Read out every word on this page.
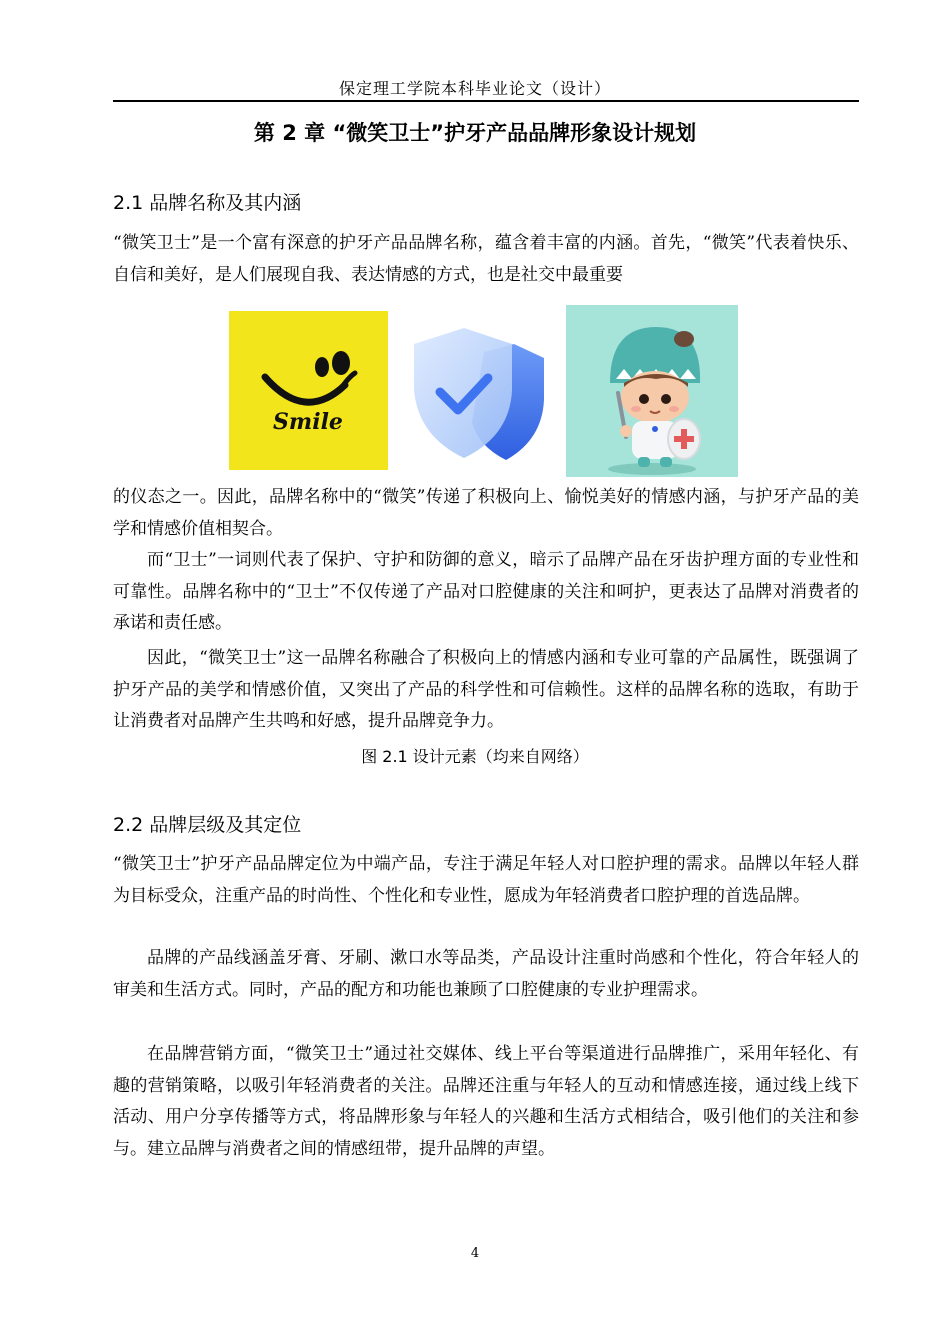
保定理工学院本科毕业论文（设计）
第 2 章 “微笑卫士”护牙产品品牌形象设计规划
2.1 品牌名称及其内涵

“微笑卫士”是一个富有深意的护牙产品品牌名称，蕴含着丰富的内涵。首先，“微笑”代表着快乐、自信和美好，是人们展现自我、表达情感的方式，也是社交中最重要

Smile

的仪态之一。因此，品牌名称中的“微笑”传递了积极向上、愉悦美好的情感内涵，与护牙产品的美学和情感价值相契合。

而“卫士”一词则代表了保护、守护和防御的意义，暗示了品牌产品在牙齿护理方面的专业性和可靠性。品牌名称中的“卫士”不仅传递了产品对口腔健康的关注和呵护，更表达了品牌对消费者的承诺和责任感。

因此，“微笑卫士”这一品牌名称融合了积极向上的情感内涵和专业可靠的产品属性，既强调了护牙产品的美学和情感价值，又突出了产品的科学性和可信赖性。这样的品牌名称的选取，有助于让消费者对品牌产生共鸣和好感，提升品牌竞争力。

图 2.1 设计元素（均来自网络）
2.2 品牌层级及其定位

“微笑卫士”护牙产品品牌定位为中端产品，专注于满足年轻人对口腔护理的需求。品牌以年轻人群为目标受众，注重产品的时尚性、个性化和专业性，愿成为年轻消费者口腔护理的首选品牌。

品牌的产品线涵盖牙膏、牙刷、漱口水等品类，产品设计注重时尚感和个性化，符合年轻人的审美和生活方式。同时，产品的配方和功能也兼顾了口腔健康的专业护理需求。

在品牌营销方面，“微笑卫士”通过社交媒体、线上平台等渠道进行品牌推广，采用年轻化、有趣的营销策略，以吸引年轻消费者的关注。品牌还注重与年轻人的互动和情感连接，通过线上线下活动、用户分享传播等方式，将品牌形象与年轻人的兴趣和生活方式相结合，吸引他们的关注和参与。建立品牌与消费者之间的情感纽带，提升品牌的声望。

4
